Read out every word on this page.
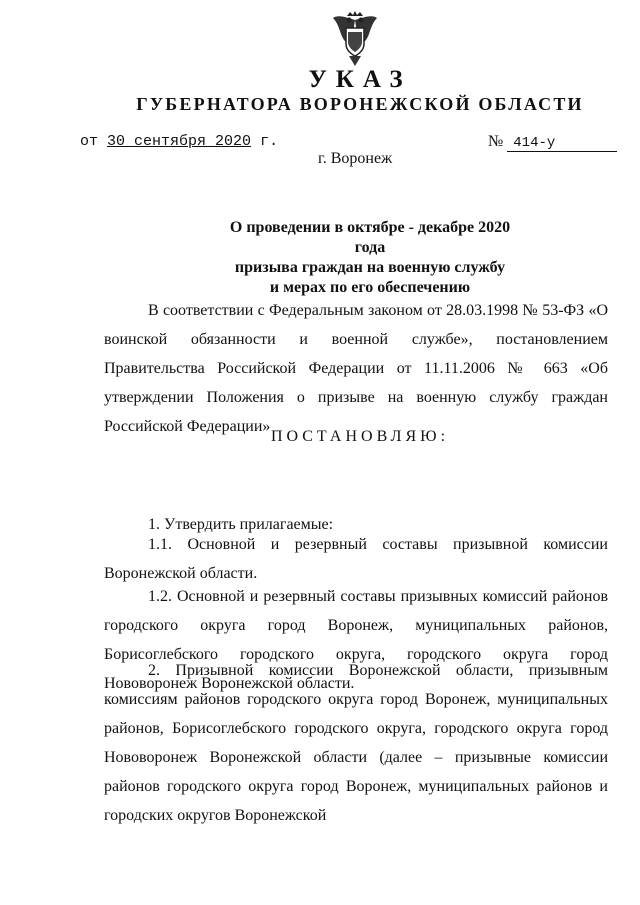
УКАЗ
ГУБЕРНАТОРА ВОРОНЕЖСКОЙ ОБЛАСТИ
от 30 сентября 2020 г.	№ 414-у
г. Воронеж
О проведении в октябре - декабре 2020 года
призыва граждан на военную службу
и мерах по его обеспечению
В соответствии с Федеральным законом от 28.03.1998 № 53-ФЗ «О воинской обязанности и военной службе», постановлением Правительства Российской Федерации от 11.11.2006 № 663 «Об утверждении Положения о призыве на военную службу граждан Российской Федерации»
ПОСТАНОВЛЯЮ:
1. Утвердить прилагаемые:
1.1. Основной и резервный составы призывной комиссии Воронежской области.
1.2. Основной и резервный составы призывных комиссий районов городского округа город Воронеж, муниципальных районов, Борисоглебского городского округа, городского округа город Нововоронеж Воронежской области.
2. Призывной комиссии Воронежской области, призывным комиссиям районов городского округа город Воронеж, муниципальных районов, Борисоглебского городского округа, городского округа город Нововоронеж Воронежской области (далее – призывные комиссии районов городского округа город Воронеж, муниципальных районов и городских округов Воронежской
